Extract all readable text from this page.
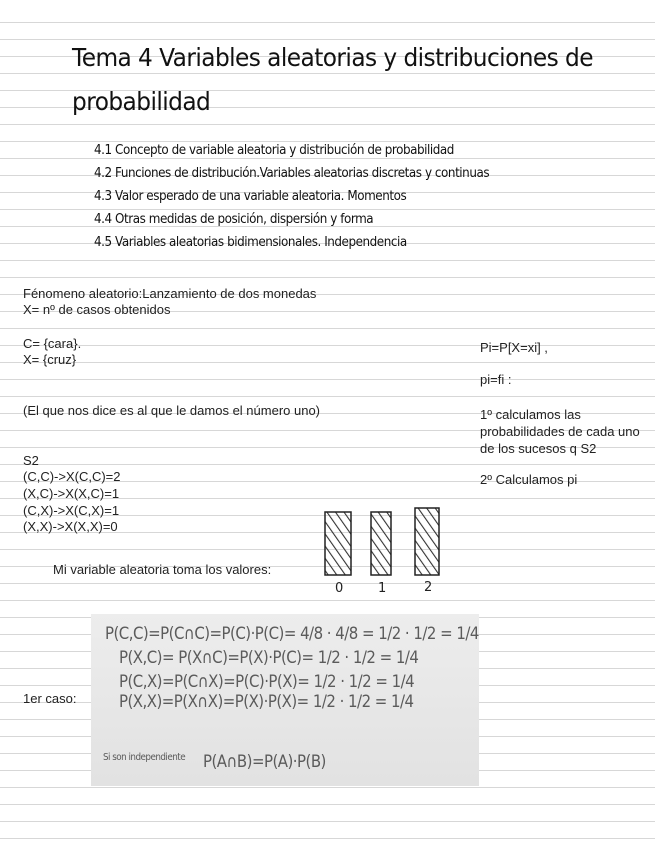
Tema 4 Variables aleatorias y distribuciones de probabilidad
4.1 Concepto de variable aleatoria y distribución de probabilidad
4.2 Funciones de distribución.Variables aleatorias discretas y continuas
4.3 Valor esperado de una variable aleatoria. Momentos
4.4 Otras medidas de posición, dispersión y forma
4.5 Variables aleatorias bidimensionales. Independencia
Fénomeno aleatorio:Lanzamiento de dos monedas
X= nº de casos obtenidos
C= {cara}.
X= {cruz}
(El que nos dice es al que le damos el número uno)
S2
(C,C)->X(C,C)=2
(X,C)->X(X,C)=1
(C,X)->X(C,X)=1
(X,X)->X(X,X)=0
Mi variable aleatoria toma los valores:
0	1	2
Pi=P[X=xi] ,
pi=fi :
1º calculamos las probabilidades de cada uno de los sucesos q S2
2º Calculamos pi
1er caso:
P(C,C)=P(C∩C)=P(C)·P(C)= 4/8 · 4/8 = 1/2 · 1/2 = 1/4
P(X,C)= P(X∩C)=P(X)·P(C)= 1/2 · 1/2 = 1/4
P(C,X)=P(C∩X)=P(C)·P(X)= 1/2 · 1/2 = 1/4
P(X,X)=P(X∩X)=P(X)·P(X)= 1/2 · 1/2 = 1/4
Si son independiente P(A∩B)=P(A)·P(B)
